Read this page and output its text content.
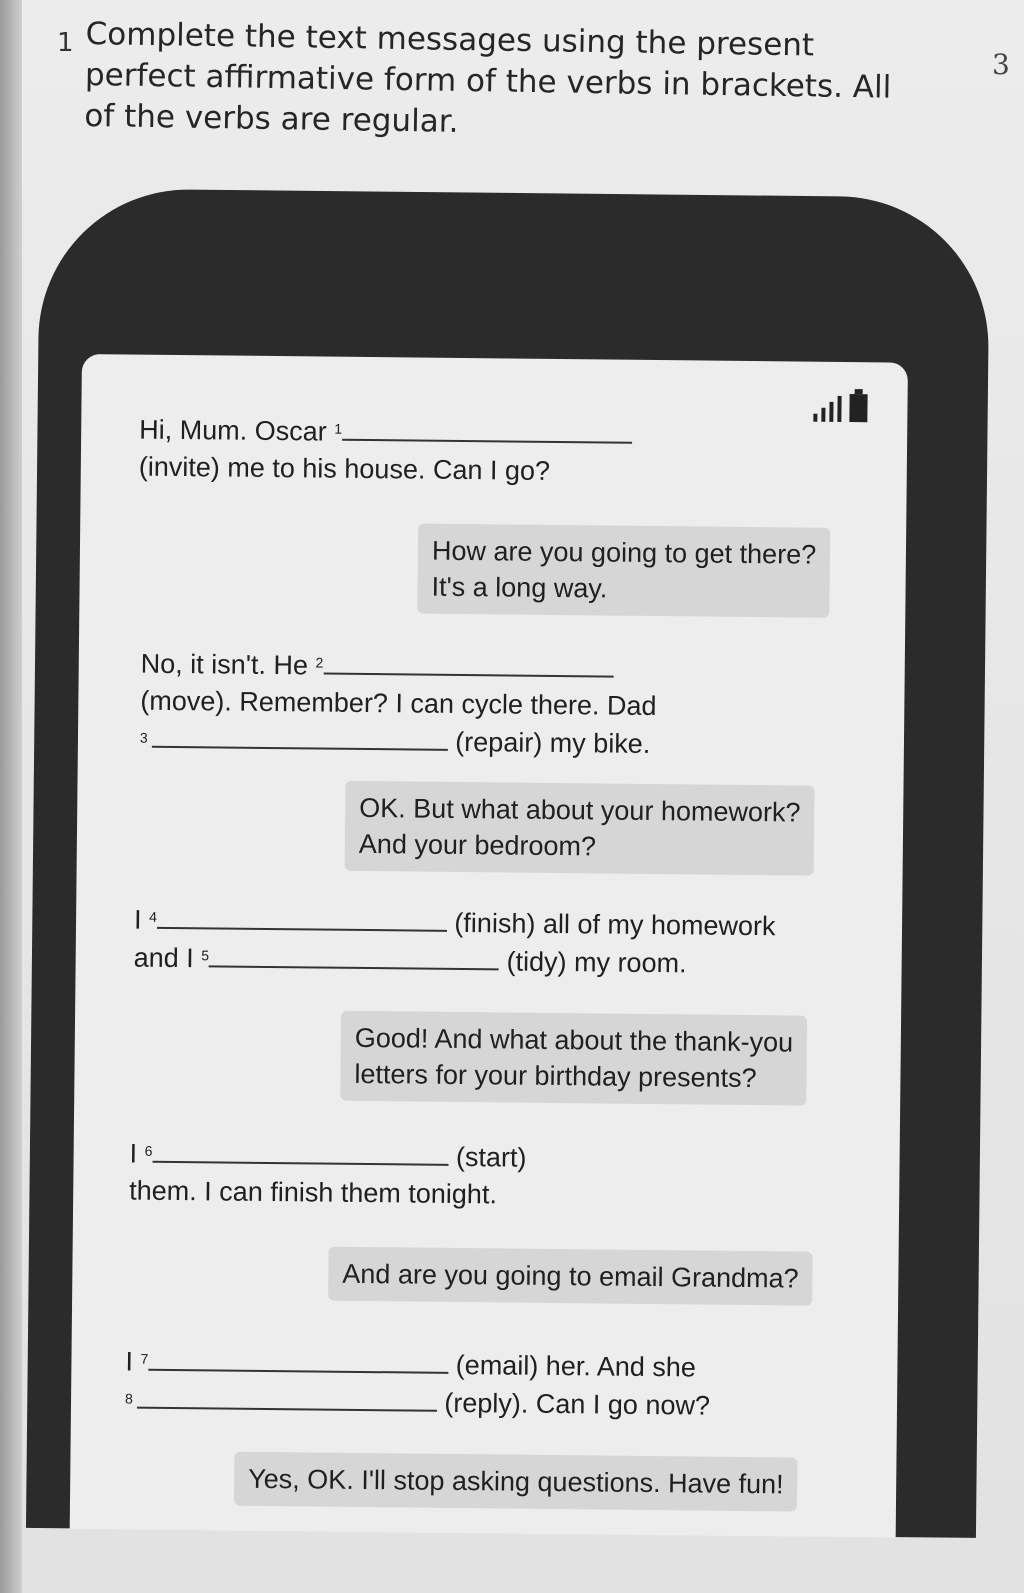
1 Complete the text messages using the present perfect affirmative form of the verbs in brackets. All of the verbs are regular.
3
Hi, Mum. Oscar $^1$
(invite) me to his house. Can I go?
How are you going to get there?
It's a long way.
No, it isn't. He $^2$
(move). Remember? I can cycle there. Dad
3	(repair) my bike.
OK. But what about your homework?
And your bedroom?
I $^4$	(finish) all of my homework
and I $^5$	(tidy) my room.
Good! And what about the thank-you
letters for your birthday presents?
I $^6$	(start)
them. I can finish them tonight.
And are you going to email Grandma?
I $^7$	(email) her. And she
8	(reply). Can I go now?
Yes, OK. I'll stop asking questions. Have fun!
